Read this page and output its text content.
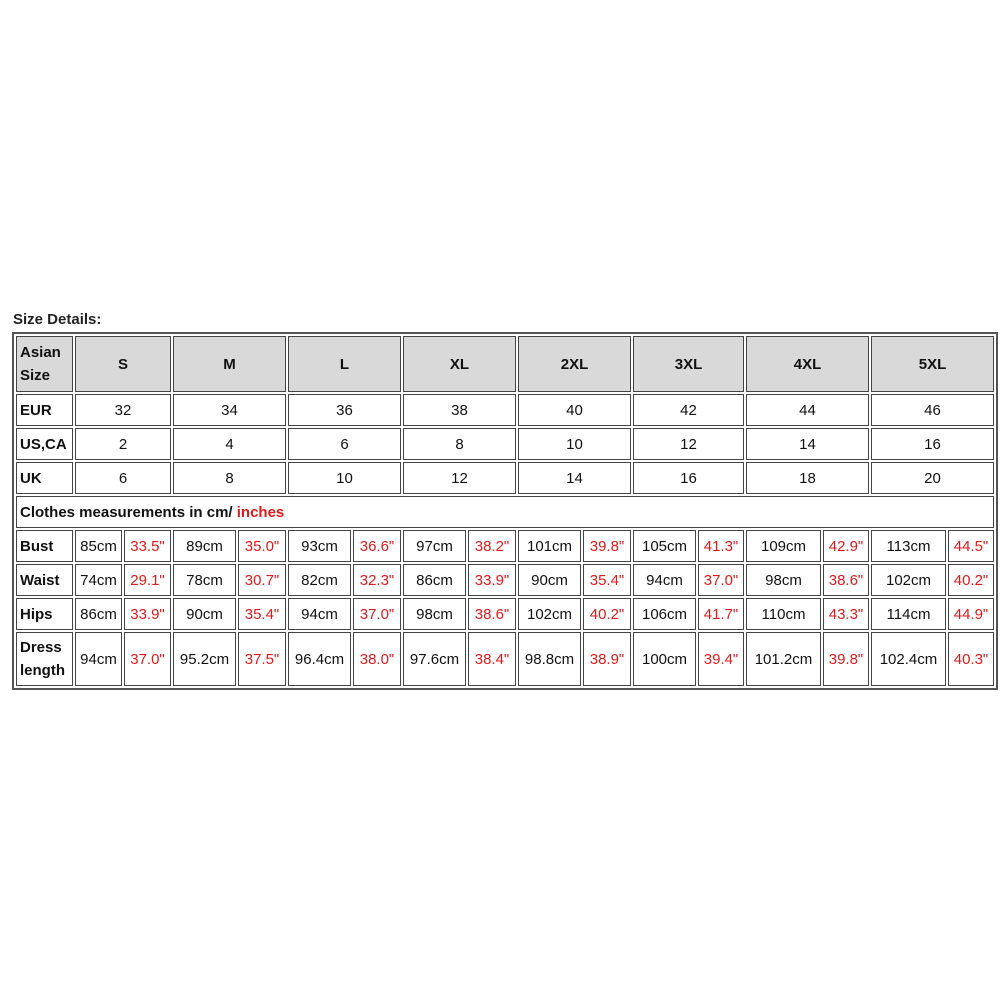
Size Details:
Asian
Size	S		M		L		XL		2XL		3XL		4XL		5XL	
EUR	32		34		36		38		40		42		44		46	
US,CA	2		4		6		8		10		12		14		16	
UK	6		8		10		12		14		16		18		20	
Clothes measurements in cm/ inches																
Bust	85cm	33.5"	89cm	35.0"	93cm	36.6"	97cm	38.2"	101cm	39.8"	105cm	41.3"	109cm	42.9"	113cm	44.5"
Waist	74cm	29.1"	78cm	30.7"	82cm	32.3"	86cm	33.9"	90cm	35.4"	94cm	37.0"	98cm	38.6"	102cm	40.2"
Hips	86cm	33.9"	90cm	35.4"	94cm	37.0"	98cm	38.6"	102cm	40.2"	106cm	41.7"	110cm	43.3"	114cm	44.9"
Dress
length	94cm	37.0"	95.2cm	37.5"	96.4cm	38.0"	97.6cm	38.4"	98.8cm	38.9"	100cm	39.4"	101.2cm	39.8"	102.4cm	40.3"
